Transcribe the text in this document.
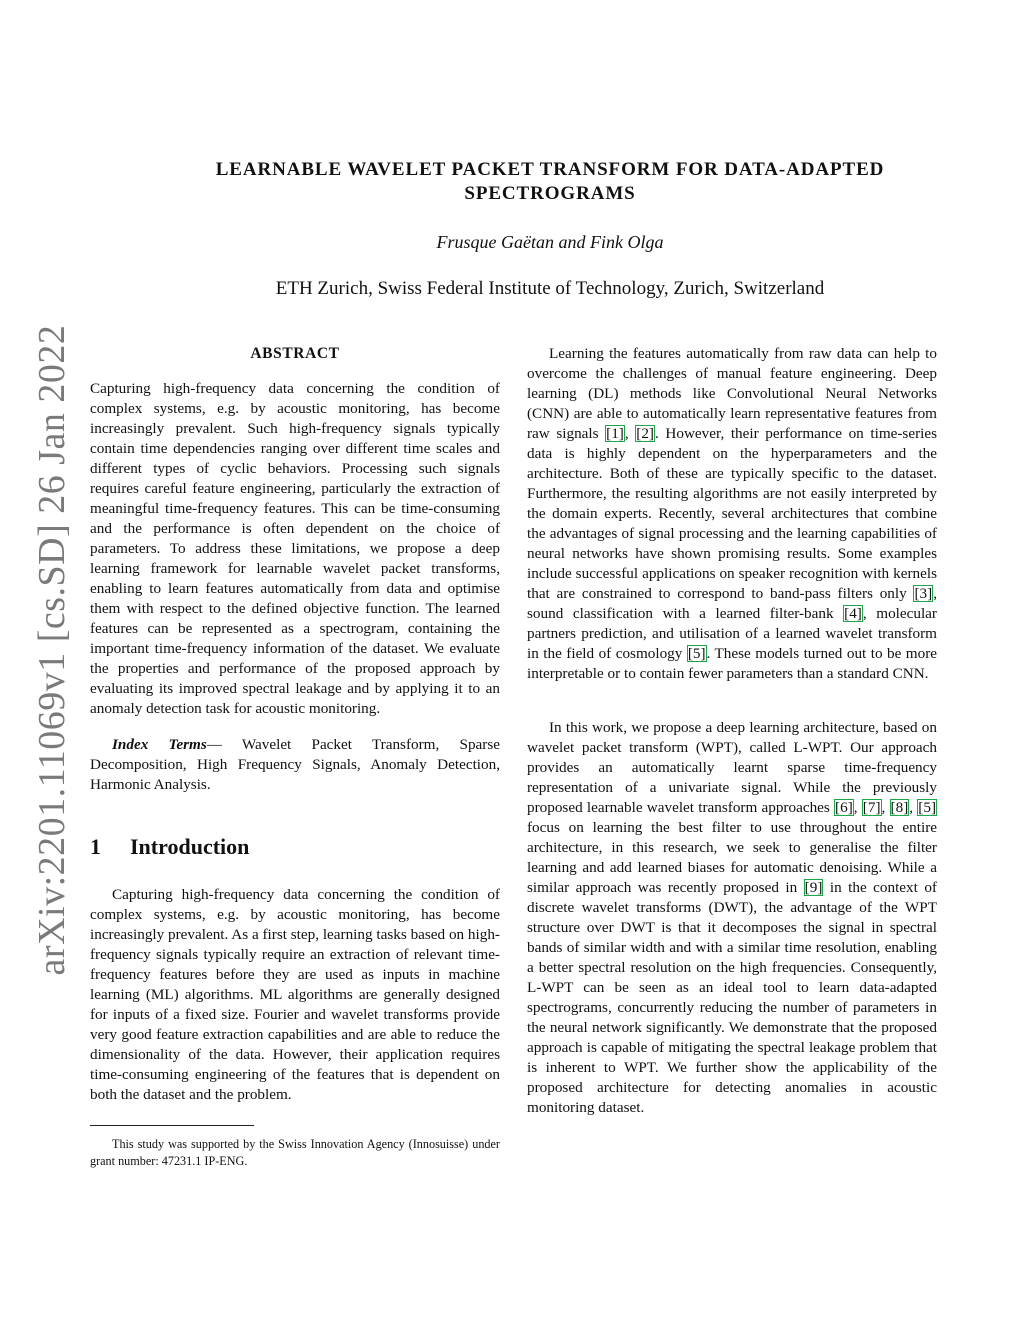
arXiv:2201.11069v1 [cs.SD] 26 Jan 2022
LEARNABLE WAVELET PACKET TRANSFORM FOR DATA-ADAPTED
SPECTROGRAMS
Frusque Gaëtan and Fink Olga
ETH Zurich, Swiss Federal Institute of Technology, Zurich, Switzerland

ABSTRACT

Capturing high-frequency data concerning the condition of complex systems, e.g. by acoustic monitoring, has become increasingly prevalent. Such high-frequency signals typically contain time dependencies ranging over different time scales and different types of cyclic behaviors. Processing such signals requires careful feature engineering, particularly the extraction of meaningful time-frequency features. This can be time-consuming and the performance is often dependent on the choice of parameters. To address these limitations, we propose a deep learning framework for learnable wavelet packet transforms, enabling to learn features automatically from data and optimise them with respect to the defined objective function. The learned features can be represented as a spectrogram, containing the important time-frequency information of the dataset. We evaluate the properties and performance of the proposed approach by evaluating its improved spectral leakage and by applying it to an anomaly detection task for acoustic monitoring.

Index Terms— Wavelet Packet Transform, Sparse Decomposition, High Frequency Signals, Anomaly Detection, Harmonic Analysis.

1 Introduction

Capturing high-frequency data concerning the condition of complex systems, e.g. by acoustic monitoring, has become increasingly prevalent. As a first step, learning tasks based on high-frequency signals typically require an extraction of relevant time-frequency features before they are used as inputs in machine learning (ML) algorithms. ML algorithms are generally designed for inputs of a fixed size. Fourier and wavelet transforms provide very good feature extraction capabilities and are able to reduce the dimensionality of the data. However, their application requires time-consuming engineering of the features that is dependent on both the dataset and the problem.

This study was supported by the Swiss Innovation Agency (Innosuisse) under grant number: 47231.1 IP-ENG.

Learning the features automatically from raw data can help to overcome the challenges of manual feature engineering. Deep learning (DL) methods like Convolutional Neural Networks (CNN) are able to automatically learn representative features from raw signals [1], [2]. However, their performance on time-series data is highly dependent on the hyperparameters and the architecture. Both of these are typically specific to the dataset. Furthermore, the resulting algorithms are not easily interpreted by the domain experts. Recently, several architectures that combine the advantages of signal processing and the learning capabilities of neural networks have shown promising results. Some examples include successful applications on speaker recognition with kernels that are constrained to correspond to band-pass filters only [3], sound classification with a learned filter-bank [4], molecular partners prediction, and utilisation of a learned wavelet transform in the field of cosmology [5]. These models turned out to be more interpretable or to contain fewer parameters than a standard CNN.

In this work, we propose a deep learning architecture, based on wavelet packet transform (WPT), called L-WPT. Our approach provides an automatically learnt sparse time-frequency representation of a univariate signal. While the previously proposed learnable wavelet transform approaches [6], [7], [8], [5] focus on learning the best filter to use throughout the entire architecture, in this research, we seek to generalise the filter learning and add learned biases for automatic denoising. While a similar approach was recently proposed in [9] in the context of discrete wavelet transforms (DWT), the advantage of the WPT structure over DWT is that it decomposes the signal in spectral bands of similar width and with a similar time resolution, enabling a better spectral resolution on the high frequencies. Consequently, L-WPT can be seen as an ideal tool to learn data-adapted spectrograms, concurrently reducing the number of parameters in the neural network significantly. We demonstrate that the proposed approach is capable of mitigating the spectral leakage problem that is inherent to WPT. We further show the applicability of the proposed architecture for detecting anomalies in acoustic monitoring dataset.
